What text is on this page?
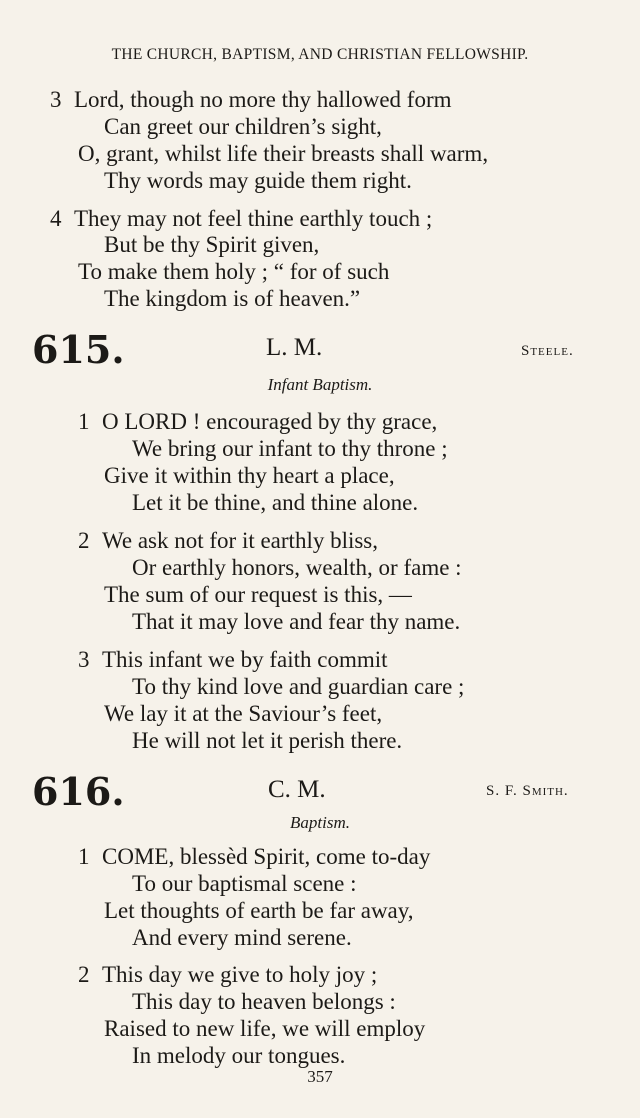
THE CHURCH, BAPTISM, AND CHRISTIAN FELLOWSHIP.
3 Lord, though no more thy hallowed form
Can greet our children’s sight,
O, grant, whilst life their breasts shall warm,
Thy words may guide them right.
4 They may not feel thine earthly touch ;
But be thy Spirit given,
To make them holy ; “ for of such
The kingdom is of heaven.”
615.	L. M.	Steele.
Infant Baptism.
1 O LORD ! encouraged by thy grace,
We bring our infant to thy throne ;
Give it within thy heart a place,
Let it be thine, and thine alone.
2 We ask not for it earthly bliss,
Or earthly honors, wealth, or fame :
The sum of our request is this, —
That it may love and fear thy name.
3 This infant we by faith commit
To thy kind love and guardian care ;
We lay it at the Saviour’s feet,
He will not let it perish there.
616.	C. M.	S. F. Smith.
Baptism.
1 COME, blessèd Spirit, come to-day
To our baptismal scene :
Let thoughts of earth be far away,
And every mind serene.
2 This day we give to holy joy ;
This day to heaven belongs :
Raised to new life, we will employ
In melody our tongues.
357
